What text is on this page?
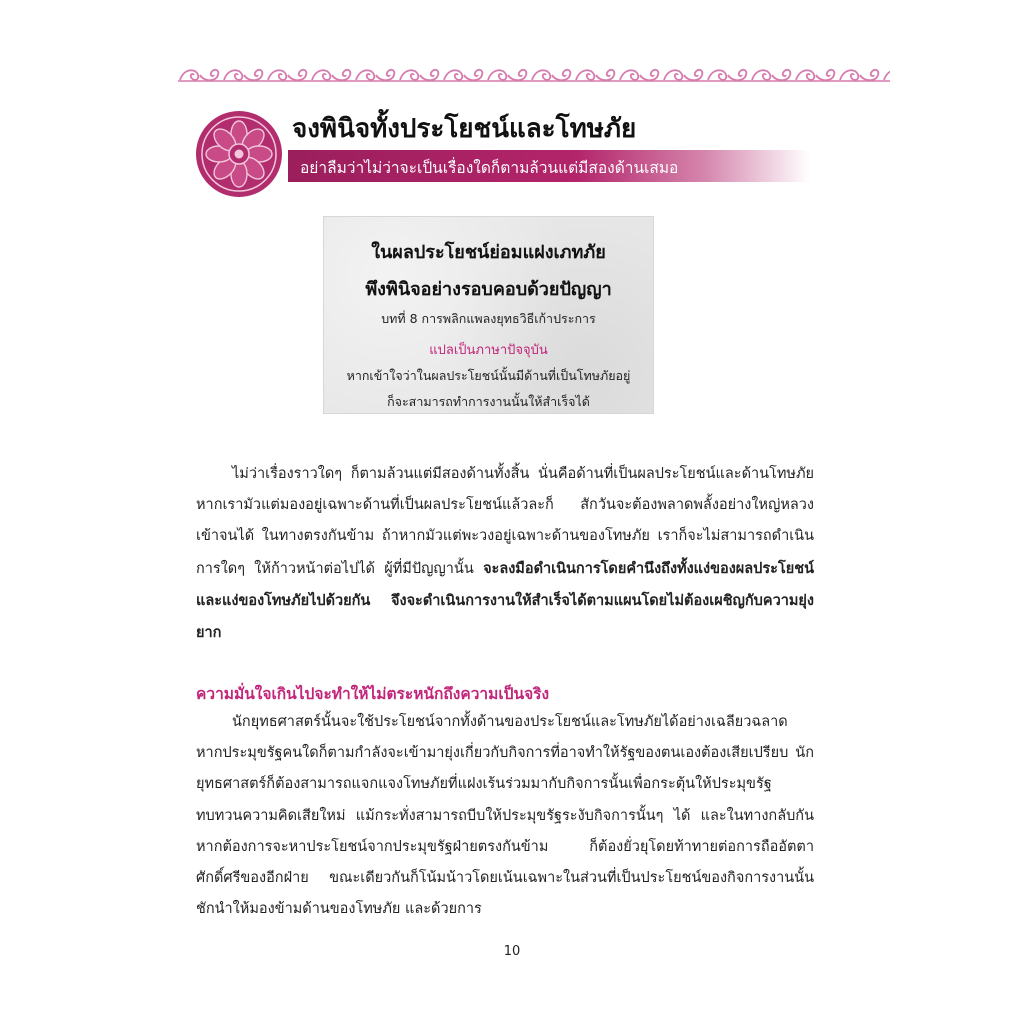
จงพินิจทั้งประโยชน์และโทษภัย
อย่าลืมว่าไม่ว่าจะเป็นเรื่องใดก็ตามล้วนแต่มีสองด้านเสมอ
ในผลประโยชน์ย่อมแฝงเภทภัย
พึงพินิจอย่างรอบคอบด้วยปัญญา
บทที่ 8 การพลิกแพลงยุทธวิธีเก้าประการ
แปลเป็นภาษาปัจจุบัน
หากเข้าใจว่าในผลประโยชน์นั้นมีด้านที่เป็นโทษภัยอยู่
ก็จะสามารถทำการงานนั้นให้สำเร็จได้

ไม่ว่าเรื่องราวใดๆ ก็ตามล้วนแต่มีสองด้านทั้งสิ้น นั่นคือด้านที่เป็นผลประโยชน์และด้านโทษภัย หากเรามัวแต่มองอยู่เฉพาะด้านที่เป็นผลประโยชน์แล้วละก็ สักวันจะต้องพลาดพลั้งอย่างใหญ่หลวงเข้าจนได้ ในทางตรงกันข้าม ถ้าหากมัวแต่พะวงอยู่เฉพาะด้านของโทษภัย เราก็จะไม่สามารถดำเนินการใดๆ ให้ก้าวหน้าต่อไปได้ ผู้ที่มีปัญญานั้น จะลงมือดำเนินการโดยคำนึงถึงทั้งแง่ของผลประโยชน์และแง่ของโทษภัยไปด้วยกัน จึงจะดำเนินการงานให้สำเร็จได้ตามแผนโดยไม่ต้องเผชิญกับความยุ่งยาก

ความมั่นใจเกินไปจะทำให้ไม่ตระหนักถึงความเป็นจริง

นักยุทธศาสตร์นั้นจะใช้ประโยชน์จากทั้งด้านของประโยชน์และโทษภัยได้อย่างเฉลียวฉลาด หากประมุขรัฐคนใดก็ตามกำลังจะเข้ามายุ่งเกี่ยวกับกิจการที่อาจทำให้รัฐของตนเองต้องเสียเปรียบ นักยุทธศาสตร์ก็ต้องสามารถแจกแจงโทษภัยที่แฝงเร้นร่วมมากับกิจการนั้นเพื่อกระตุ้นให้ประมุขรัฐทบทวนความคิดเสียใหม่ แม้กระทั่งสามารถบีบให้ประมุขรัฐระงับกิจการนั้นๆ ได้ และในทางกลับกัน หากต้องการจะหาประโยชน์จากประมุขรัฐฝ่ายตรงกันข้าม ก็ต้องยั่วยุโดยท้าทายต่อการถืออัตตาศักดิ์ศรีของอีกฝ่าย ขณะเดียวกันก็โน้มน้าวโดยเน้นเฉพาะในส่วนที่เป็นประโยชน์ของกิจการงานนั้น ชักนำให้มองข้ามด้านของโทษภัย และด้วยการ

10
